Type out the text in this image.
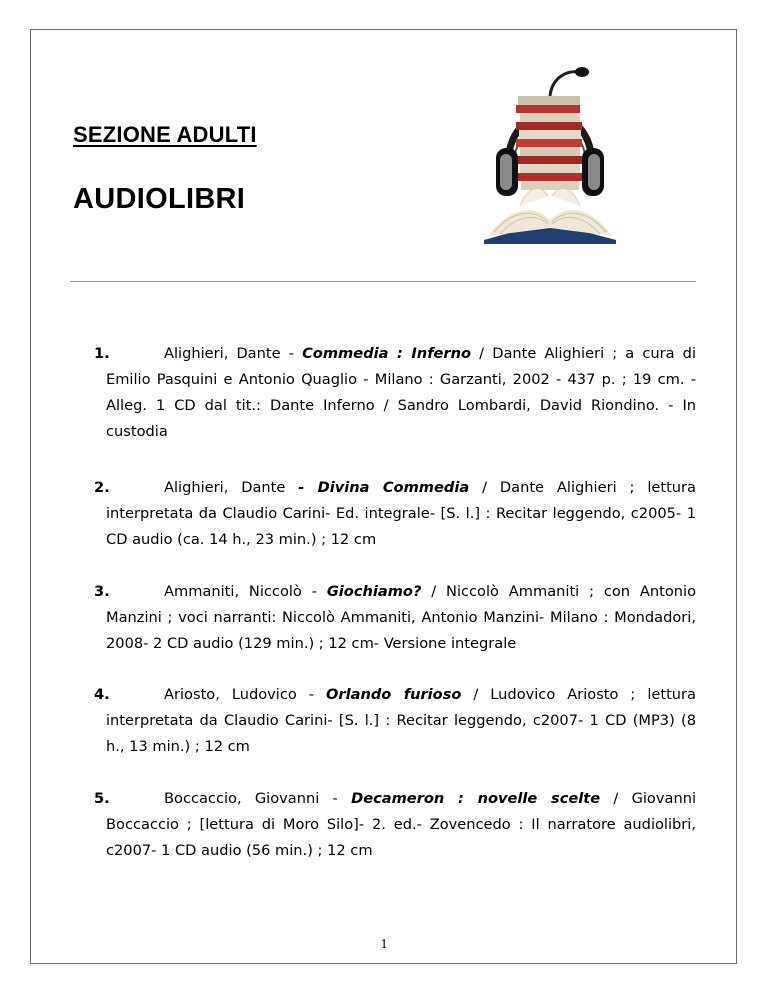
SEZIONE ADULTI
AUDIOLIBRI
1.	Alighieri, Dante - Commedia : Inferno / Dante Alighieri ; a cura di Emilio Pasquini e Antonio Quaglio - Milano : Garzanti, 2002 - 437 p. ; 19 cm. - Alleg. 1 CD dal tit.: Dante Inferno / Sandro Lombardi, David Riondino. - In custodia
2.	Alighieri, Dante - Divina Commedia / Dante Alighieri ; lettura interpretata da Claudio Carini- Ed. integrale- [S. l.] : Recitar leggendo, c2005- 1 CD audio (ca. 14 h., 23 min.) ; 12 cm
3.	Ammaniti, Niccolò - Giochiamo? / Niccolò Ammaniti ; con Antonio Manzini ; voci narranti: Niccolò Ammaniti, Antonio Manzini- Milano : Mondadori, 2008- 2 CD audio (129 min.) ; 12 cm- Versione integrale
4.	Ariosto, Ludovico - Orlando furioso / Ludovico Ariosto ; lettura interpretata da Claudio Carini- [S. l.] : Recitar leggendo, c2007- 1 CD (MP3) (8 h., 13 min.) ; 12 cm
5.	Boccaccio, Giovanni - Decameron : novelle scelte / Giovanni Boccaccio ; [lettura di Moro Silo]- 2. ed.- Zovencedo : Il narratore audiolibri, c2007- 1 CD audio (56 min.) ; 12 cm
1
